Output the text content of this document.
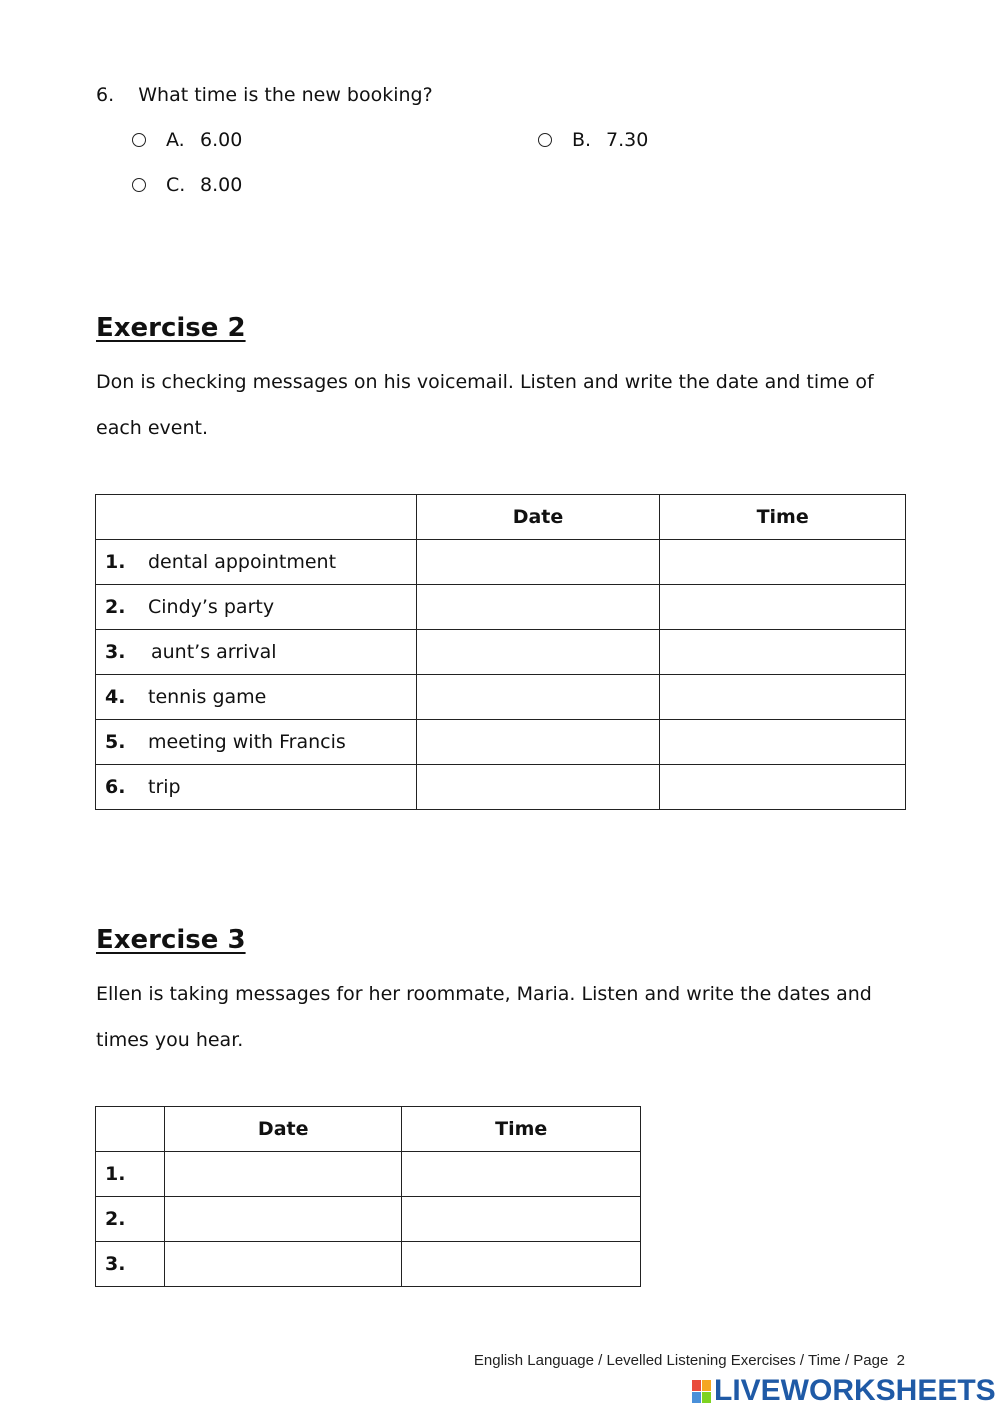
6. What time is the new booking?
A. 6.00	B. 7.30
C. 8.00
Exercise 2
Don is checking messages on his voicemail. Listen and write the date and time of each event.
	Date	Time
1. dental appointment		
2. Cindy’s party		
3. aunt’s arrival		
4. tennis game		
5. meeting with Francis		
6. trip		
Exercise 3
Ellen is taking messages for her roommate, Maria. Listen and write the dates and times you hear.
	Date	Time
1.		
2.		
3.		
English Language / Levelled Listening Exercises / Time / Page  2
LIVEWORKSHEETS
